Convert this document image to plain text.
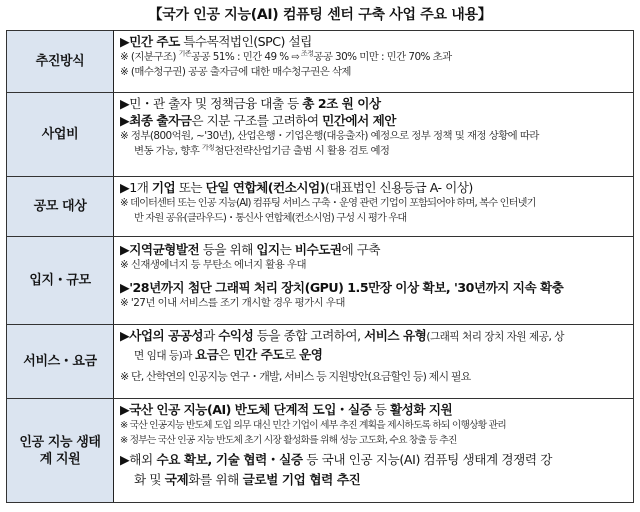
【국가 인공 지능(AI) 컴퓨팅 센터 구축 사업 주요 내용】
추진방식	▶민간 주도 특수목적법인(SPC) 설립
※ (지분구조) $^{기존}$공공 51% : 민간 49 % ⇨ $^{조정}$공공 30% 미만 : 민간 70% 초과
※ (매수청구권) 공공 출자금에 대한 매수청구권은 삭제

사업비	▶민・관 출자 및 정책금융 대출 등 총 2조 원 이상
▶최종 출자금은 지분 구조를 고려하여 민간에서 제안
※ 정부(800억원, ~'30년), 산업은행・기업은행(대응출자) 예정으로 정부 정책 및 재정 상황에 따라
변동 가능, 향후 $^{가칭}$첨단전략산업기금 출범 시 활용 검토 예정

공모 대상	▶1개 기업 또는 단일 연합체(컨소시엄)(대표법인 신용등급 A- 이상)
※ 데이터센터 또는 인공 지능(AI) 컴퓨팅 서비스 구축・운영 관련 기업이 포함되어야 하며, 복수 인터넷기
반 자원 공유(클라우드)・통신사 연합체(컨소시엄) 구성 시 평가 우대

입지・규모	▶지역균형발전 등을 위해 입지는 비수도권에 구축
※ 신재생에너지 등 무탄소 에너지 활용 우대
▶'28년까지 첨단 그래픽 처리 장치(GPU) 1.5만장 이상 확보, '30년까지 지속 확충
※ '27년 이내 서비스를 조기 개시할 경우 평가시 우대

서비스・요금	▶사업의 공공성과 수익성 등을 종합 고려하여, 서비스 유형(그래픽 처리 장치 자원 제공, 상
면 임대 등)과 요금은 민간 주도로 운영
※ 단, 산학연의 인공지능 연구・개발, 서비스 등 지원방안(요금할인 등) 제시 필요

인공 지능 생태계 지원	▶국산 인공 지능(AI) 반도체 단계적 도입・실증 등 활성화 지원
※ 국산 인공지능 반도체 도입 의무 대신 민간 기업이 세부 추진 계획을 제시하도록 하되 이행상황 관리
※ 정부는 국산 인공 지능 반도체 초기 시장 활성화를 위해 성능 고도화, 수요 창출 등 추진
▶해외 수요 확보, 기술 협력・실증 등 국내 인공 지능(AI) 컴퓨팅 생태계 경쟁력 강
화 및 국제화를 위해 글로벌 기업 협력 추진
